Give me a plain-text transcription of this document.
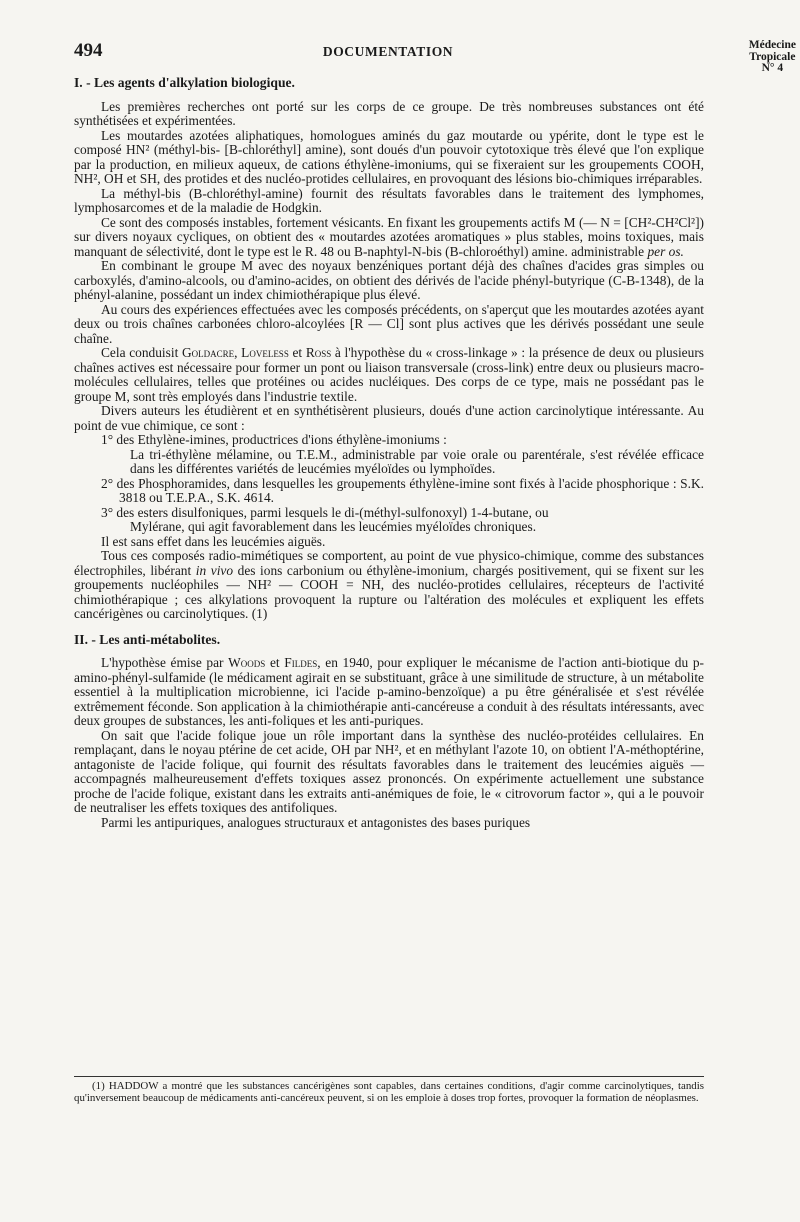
494	DOCUMENTATION	Médecine
Tropicale
N° 4
I. - Les agents d'alkylation biologique.

Les premières recherches ont porté sur les corps de ce groupe. De très nombreuses substances ont été synthétisées et expérimentées.

Les moutardes azotées aliphatiques, homologues aminés du gaz moutarde ou ypérite, dont le type est le composé HN² (méthyl-bis- [B-chloréthyl] amine), sont doués d'un pouvoir cytotoxique très élevé que l'on explique par la production, en milieux aqueux, de cations éthylène-imoniums, qui se fixeraient sur les groupements COOH, NH², OH et SH, des protides et des nucléo-protides cellulaires, en provoquant des lésions bio-chimiques irréparables.

La méthyl-bis (B-chloréthyl-amine) fournit des résultats favorables dans le traitement des lymphomes, lymphosarcomes et de la maladie de Hodgkin.

Ce sont des composés instables, fortement vésicants. En fixant les groupements actifs M (— N = [CH²-CH²Cl²]) sur divers noyaux cycliques, on obtient des « moutardes azotées aromatiques » plus stables, moins toxiques, mais manquant de sélectivité, dont le type est le R. 48 ou B-naphtyl-N-bis (B-chloroéthyl) amine. administrable per os.

En combinant le groupe M avec des noyaux benzéniques portant déjà des chaînes d'acides gras simples ou carboxylés, d'amino-alcools, ou d'amino-acides, on obtient des dérivés de l'acide phényl-butyrique (C-B-1348), de la phényl-alanine, possédant un index chimiothérapique plus élevé.

Au cours des expériences effectuées avec les composés précédents, on s'aperçut que les moutardes azotées ayant deux ou trois chaînes carbonées chloro-alcoylées [R — Cl] sont plus actives que les dérivés possédant une seule chaîne.

Cela conduisit Goldacre, Loveless et Ross à l'hypothèse du « cross-linkage » : la présence de deux ou plusieurs chaînes actives est nécessaire pour former un pont ou liaison transversale (cross-link) entre deux ou plusieurs macro-molécules cellulaires, telles que protéines ou acides nucléiques. Des corps de ce type, mais ne possédant pas le groupe M, sont très employés dans l'industrie textile.

Divers auteurs les étudièrent et en synthétisèrent plusieurs, doués d'une action carcinolytique intéressante. Au point de vue chimique, ce sont :

1° des Ethylène-imines, productrices d'ions éthylène-imoniums :
La tri-éthylène mélamine, ou T.E.M., administrable par voie orale ou parentérale, s'est révélée efficace dans les différentes variétés de leucémies myéloïdes ou lymphoïdes.
2° des Phosphoramides, dans lesquelles les groupements éthylène-imine sont fixés à l'acide phosphorique : S.K. 3818 ou T.E.P.A., S.K. 4614.
3° des esters disulfoniques, parmi lesquels le di-(méthyl-sulfonoxyl) 1-4-butane, ou
Mylérane, qui agit favorablement dans les leucémies myéloïdes chroniques.

Il est sans effet dans les leucémies aiguës.

Tous ces composés radio-mimétiques se comportent, au point de vue physico-chimique, comme des substances électrophiles, libérant in vivo des ions carbonium ou éthylène-imonium, chargés positivement, qui se fixent sur les groupements nucléophiles — NH² — COOH = NH, des nucléo-protides cellulaires, récepteurs de l'activité chimiothérapique ; ces alkylations provoquent la rupture ou l'altération des molécules et expliquent les effets cancérigènes ou carcinolytiques. (1)

II. - Les anti-métabolites.

L'hypothèse émise par Woods et Fildes, en 1940, pour expliquer le mécanisme de l'action anti-biotique du p-amino-phényl-sulfamide (le médicament agirait en se substituant, grâce à une similitude de structure, à un métabolite essentiel à la multiplication microbienne, ici l'acide p-amino-benzoïque) a pu être généralisée et s'est révélée extrêmement féconde. Son application à la chimiothérapie anti-cancéreuse a conduit à des résultats intéressants, avec deux groupes de substances, les anti-foliques et les anti-puriques.

On sait que l'acide folique joue un rôle important dans la synthèse des nucléo-protéides cellulaires. En remplaçant, dans le noyau ptérine de cet acide, OH par NH², et en méthylant l'azote 10, on obtient l'A-méthoptérine, antagoniste de l'acide folique, qui fournit des résultats favorables dans le traitement des leucémies aiguës — accompagnés malheureusement d'effets toxiques assez prononcés. On expérimente actuellement une substance proche de l'acide folique, existant dans les extraits anti-anémiques de foie, le « citrovorum factor », qui a le pouvoir de neutraliser les effets toxiques des antifoliques.

Parmi les antipuriques, analogues structuraux et antagonistes des bases puriques

(1) HADDOW a montré que les substances cancérigènes sont capables, dans certaines conditions, d'agir comme carcinolytiques, tandis qu'inversement beaucoup de médicaments anti-cancéreux peuvent, si on les emploie à doses trop fortes, provoquer la formation de néoplasmes.
